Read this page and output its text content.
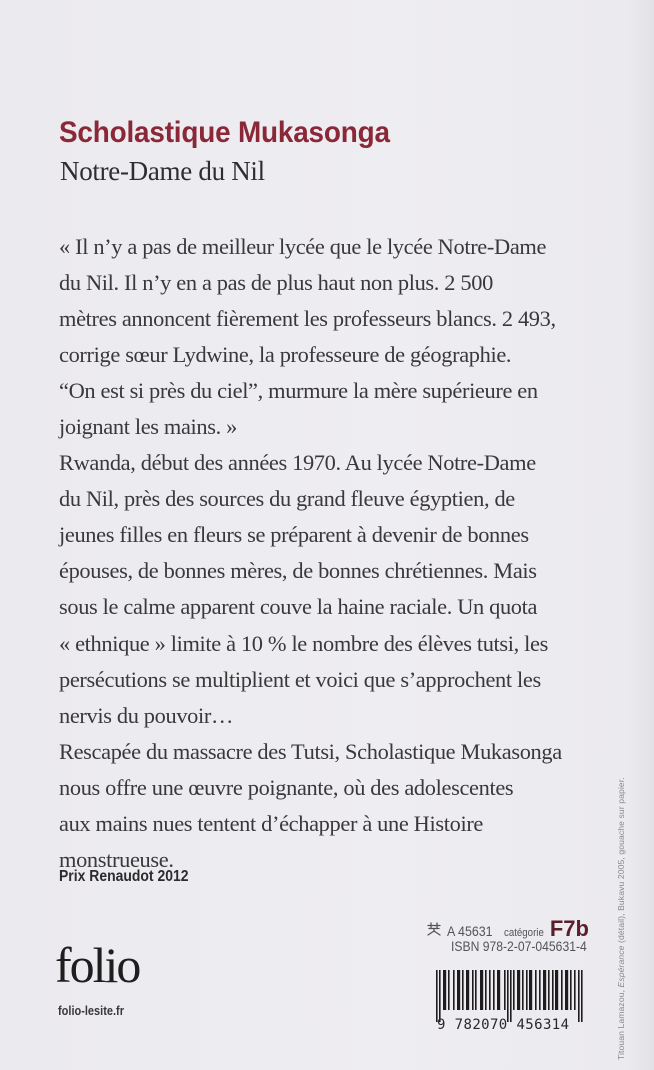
Scholastique Mukasonga
Notre-Dame du Nil
« Il n’y a pas de meilleur lycée que le lycée Notre-Dame
du Nil. Il n’y en a pas de plus haut non plus. 2 500
mètres annoncent fièrement les professeurs blancs. 2 493,
corrige sœur Lydwine, la professeure de géographie.
“On est si près du ciel”, murmure la mère supérieure en
joignant les mains. »
Rwanda, début des années 1970. Au lycée Notre-Dame
du Nil, près des sources du grand fleuve égyptien, de
jeunes filles en fleurs se préparent à devenir de bonnes
épouses, de bonnes mères, de bonnes chrétiennes. Mais
sous le calme apparent couve la haine raciale. Un quota
« ethnique » limite à 10 % le nombre des élèves tutsi, les
persécutions se multiplient et voici que s’approchent les
nervis du pouvoir…
Rescapée du massacre des Tutsi, Scholastique Mukasonga
nous offre une œuvre poignante, où des adolescentes
aux mains nues tentent d’échapper à une Histoire
monstrueuse.
Prix Renaudot 2012
folio
folio-lesite.fr
A 45631 catégorie F7b
ISBN 978-2-07-045631-4
9 782070 456314	Titouan Lamazou, Espérance (détail), Bukavu 2005, gouache sur papier.
